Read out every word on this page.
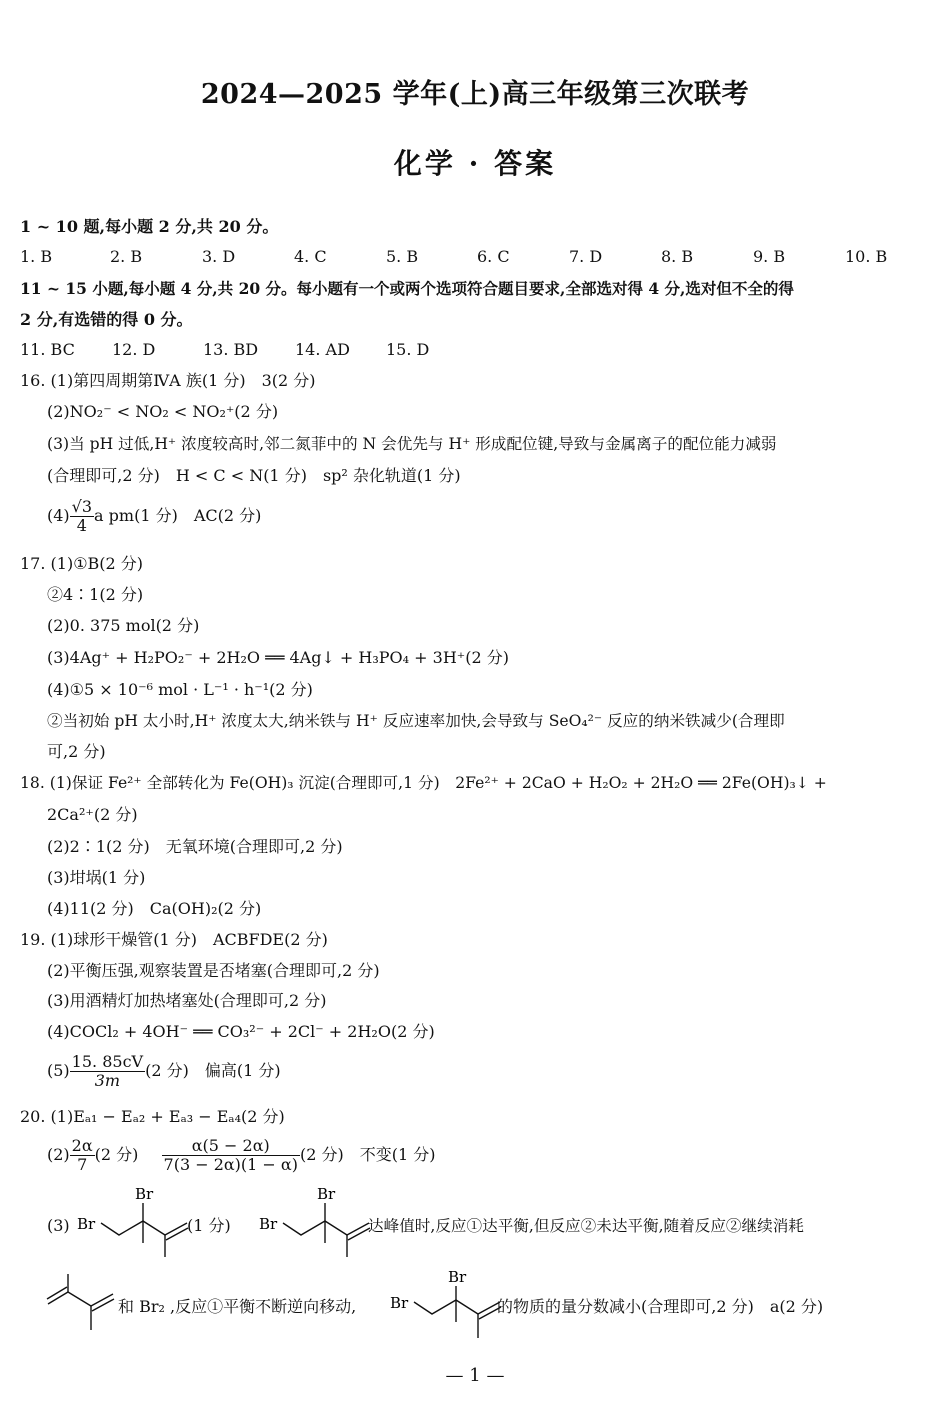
2024—2025 学年(上)高三年级第三次联考
化学 · 答案
1 ~ 10 题,每小题 2 分,共 20 分。
1. B	2. B	3. D	4. C	5. B	6. C	7. D	8. B	9. B	10. B
11 ~ 15 小题,每小题 4 分,共 20 分。每小题有一个或两个选项符合题目要求,全部选对得 4 分,选对但不全的得
2 分,有选错的得 0 分。
11. BC 12. D	13. BD 14. AD 15. D
16. (1)第四周期第ⅣA 族(1 分)　3(2 分)
(2)NO₂⁻ < NO₂ < NO₂⁺(2 分)
(3)当 pH 过低,H⁺ 浓度较高时,邻二氮菲中的 N 会优先与 H⁺ 形成配位键,导致与金属离子的配位能力减弱
(合理即可,2 分)　H < C < N(1 分)　sp² 杂化轨道(1 分)
$(4) \frac{√3}{4}$ a pm(1 分)　AC(2 分)
17. (1)①B(2 分)
②4∶1(2 分)
(2)0. 375 mol(2 分)
(3)4Ag⁺ + H₂PO₂⁻ + 2H₂O ══ 4Ag↓ + H₃PO₄ + 3H⁺(2 分)
(4)①5 × 10⁻⁶ mol · L⁻¹ · h⁻¹(2 分)
②当初始 pH 太小时,H⁺ 浓度太大,纳米铁与 H⁺ 反应速率加快,会导致与 SeO₄²⁻ 反应的纳米铁减少(合理即
可,2 分)
18. (1)保证 Fe²⁺ 全部转化为 Fe(OH)₃ 沉淀(合理即可,1 分)　2Fe²⁺ + 2CaO + H₂O₂ + 2H₂O ══ 2Fe(OH)₃↓ +
2Ca²⁺(2 分)
(2)2∶1(2 分)　无氧环境(合理即可,2 分)
(3)坩埚(1 分)
(4)11(2 分)　Ca(OH)₂(2 分)
19. (1)球形干燥管(1 分)　ACBFDE(2 分)
(2)平衡压强,观察装置是否堵塞(合理即可,2 分)
(3)用酒精灯加热堵塞处(合理即可,2 分)
(4)COCl₂ + 4OH⁻ ══ CO₃²⁻ + 2Cl⁻ + 2H₂O(2 分)
$(5) \frac{15. 85cV}{3m} (2$ 分)　偏高(1 分)
20. (1)Eₐ₁ − Eₐ₂ + Eₐ₃ − Eₐ₄(2 分)
$(2) \frac{2\alpha}{7} (2$ 分) $\frac{\alpha(5 - 2\alpha)}{7(3 - 2\alpha)(1 - \alpha)} (2$ 分)　不变(1 分)
(3) Br
Br
(1 分) Br
Br
达峰值时,反应①达平衡,但反应②未达平衡,随着反应②继续消耗
和 Br₂ ,反应①平衡不断逆向移动, Br
Br
的物质的量分数减小(合理即可,2 分)　a(2 分)
— 1 —
